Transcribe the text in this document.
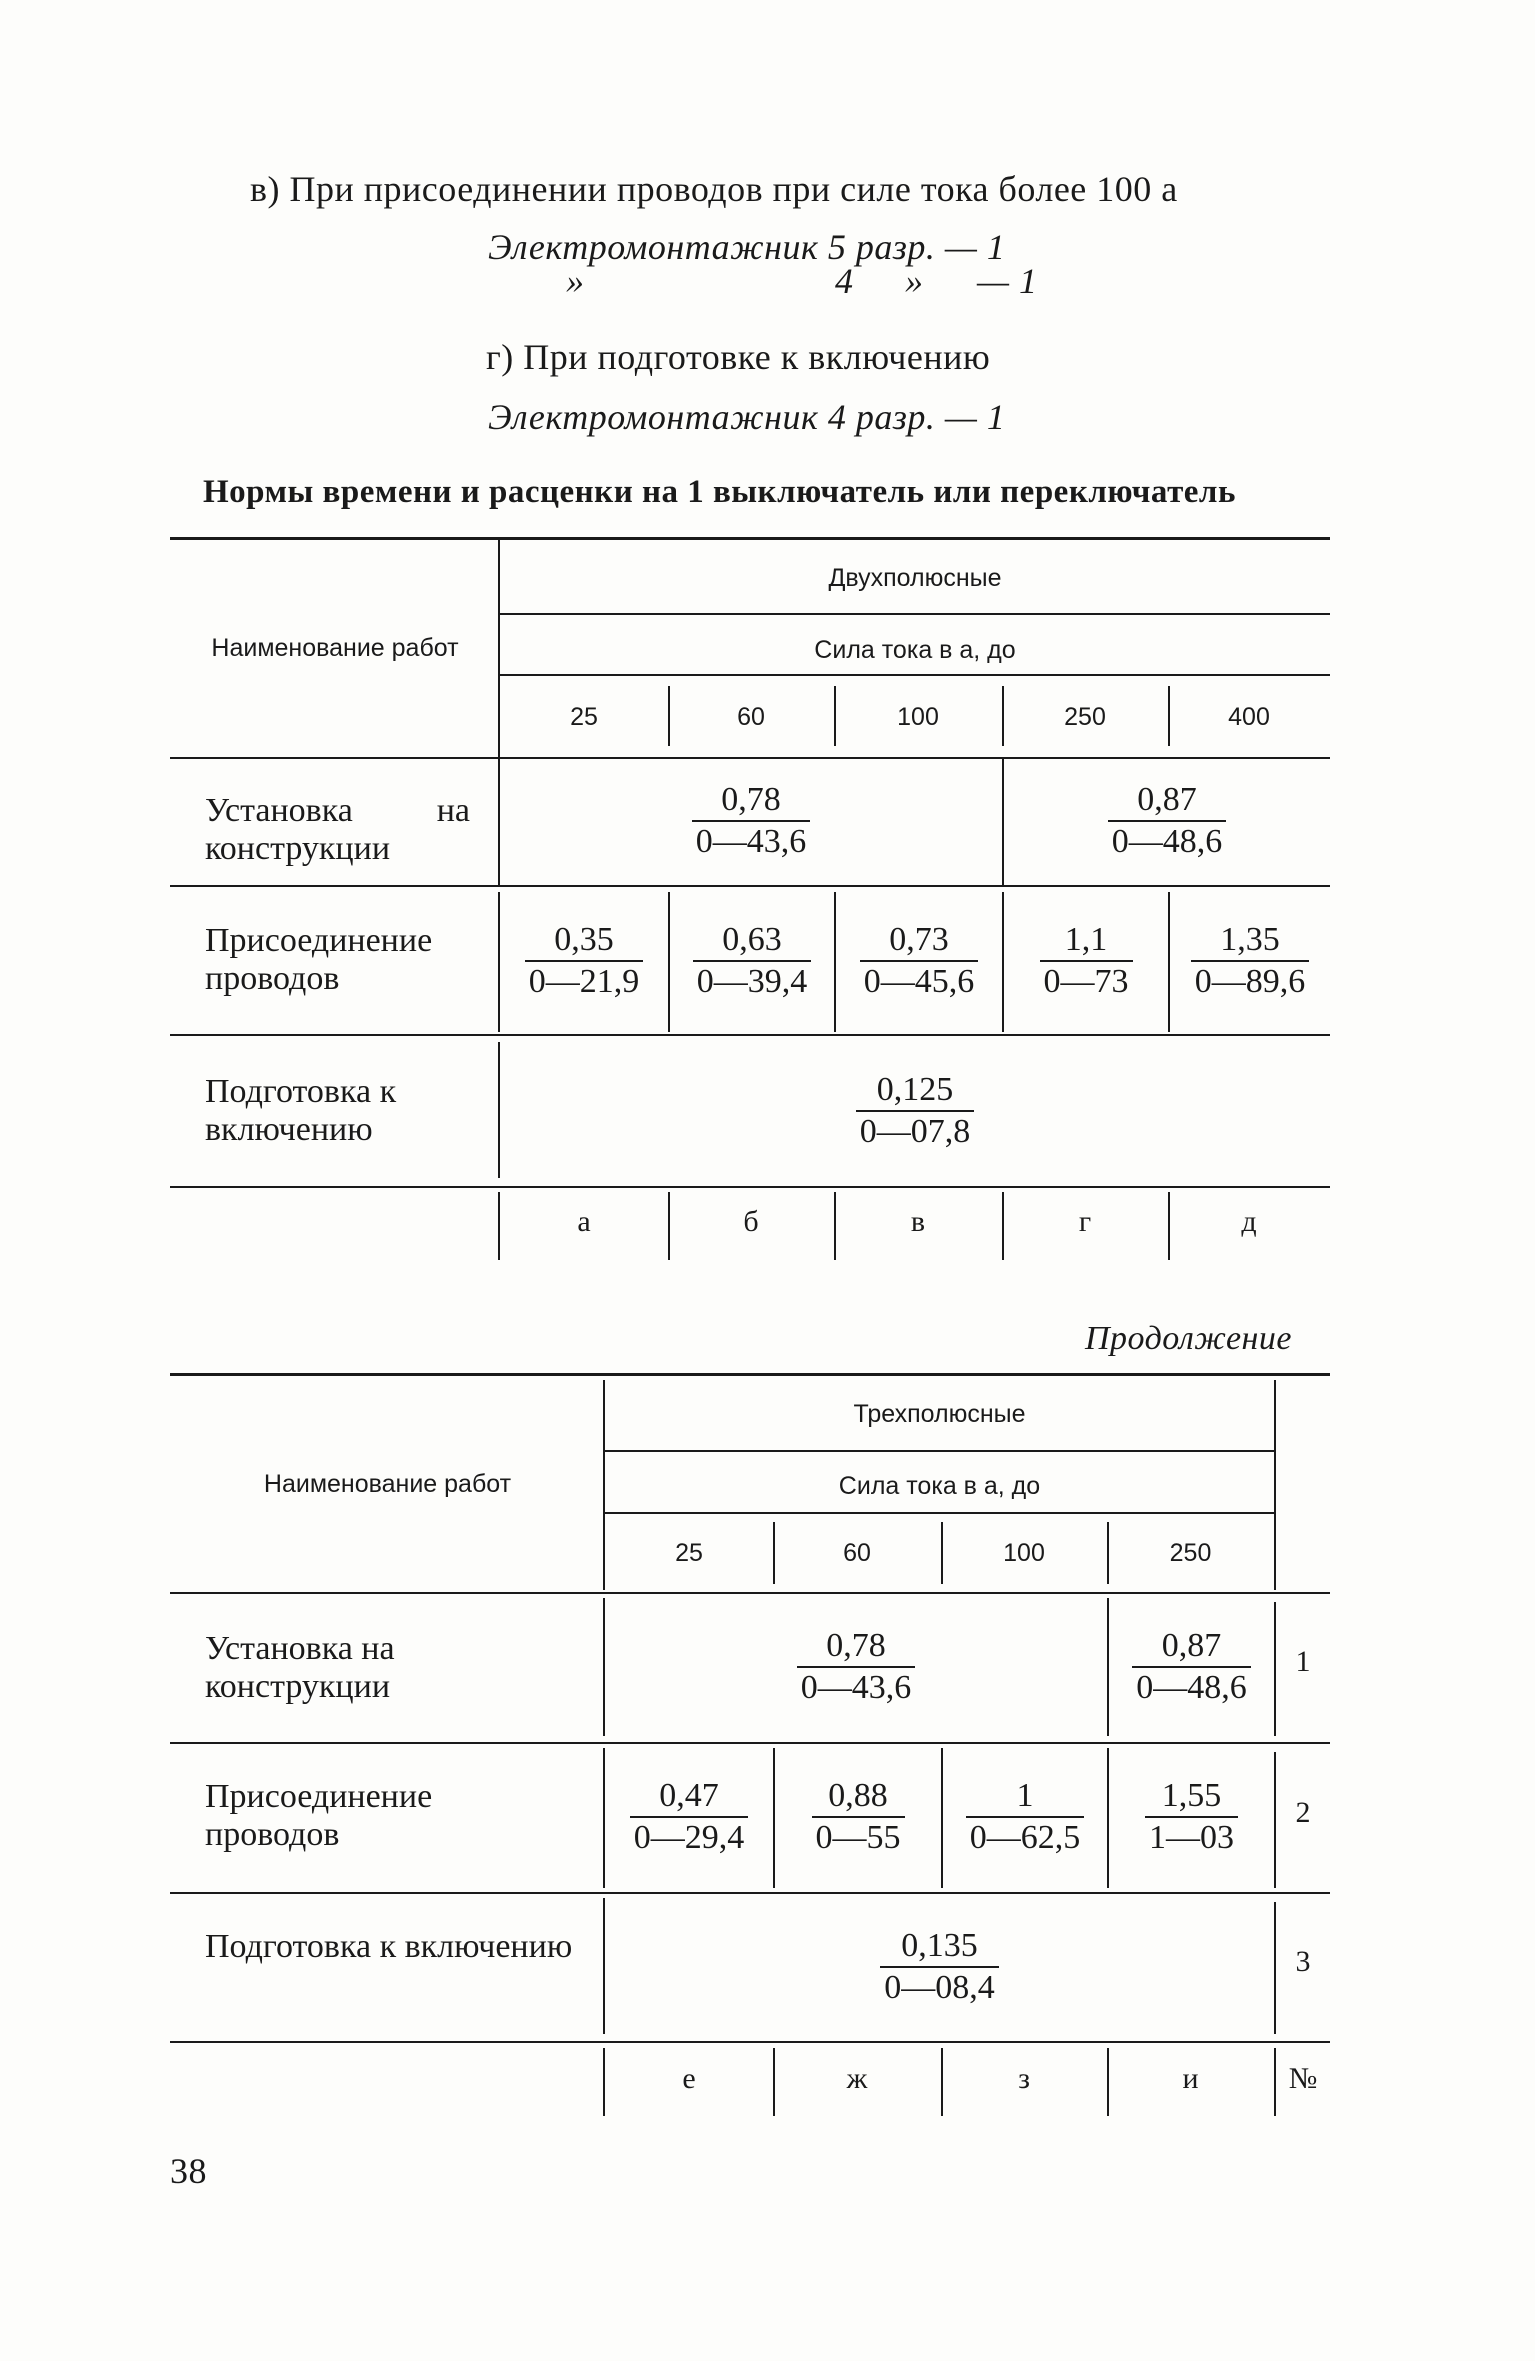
в) При присоединении проводов при силе тока более 100 а
Электромонтажник 5 разр. — 1
»	4 » — 1
г) При подготовке к включению
Электромонтажник 4 разр. — 1
Нормы времени и расценки на 1 выключатель или переключатель
Наименование работ
Двухполюсные
Сила тока в а, до
25	60	100	250	400
Установка на конструкции	$\frac{0,78}{0—43,6}$	$\frac{0,87}{0—48,6}$
Присоединение проводов	$\frac{0,35}{0—21,9} \frac{0,63}{0—39,4} \frac{0,73}{0—45,6} \frac{1,1}{0—73} \frac{1,35}{0—89,6}$
Подготовка к включению	$\frac{0,125}{0—07,8}$
а	б	в	г	д
Продолжение
Наименование работ
Трехполюсные
Сила тока в а, до
25	60	100	250
Установка на конструкции	$\frac{0,78}{0—43,6}$	$\frac{0,87}{0—48,6}$	1
Присоединение проводов	$\frac{0,47}{0—29,4} \frac{0,88}{0—55} \frac{1}{0—62,5} \frac{1,55}{1—03}$	2
Подготовка к включению	$\frac{0,135}{0—08,4}$	3
е	ж	з	и	№
38
